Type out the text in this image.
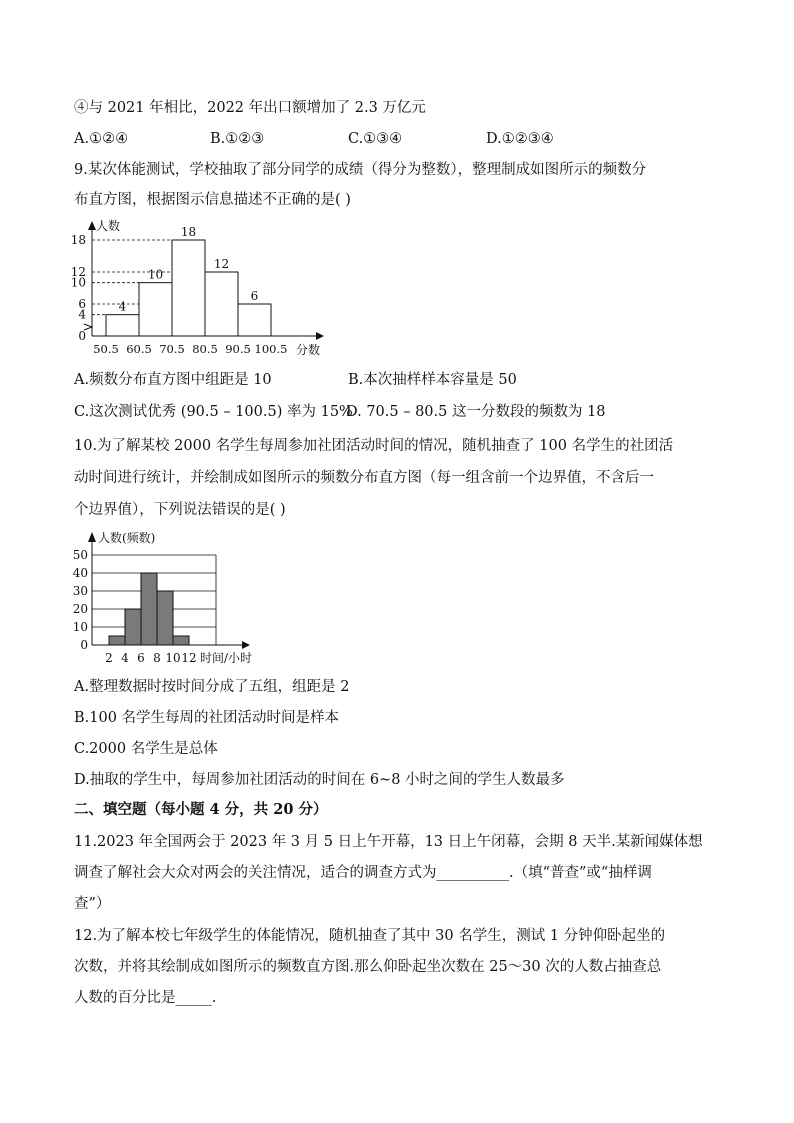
④与 2021 年相比，2022 年出口额增加了 2.3 万亿元
A.①②④	B.①②③	C.①③④	D.①②③④
9.某次体能测试，学校抽取了部分同学的成绩（得分为整数），整理制成如图所示的频数分
布直方图，根据图示信息描述不正确的是( )
人数
分数
0
4
6
10
12
18
50.5 60.5 70.5 80.5 90.5 100.5
4
10
18
12
6
A.频数分布直方图中组距是 10	B.本次抽样样本容量是 50
C.这次测试优秀 (90.5 – 100.5) 率为 15%
D. 70.5 – 80.5 这一分数段的频数为 18
10.为了解某校 2000 名学生每周参加社团活动时间的情况，随机抽查了 100 名学生的社团活
动时间进行统计，并绘制成如图所示的频数分布直方图（每一组含前一个边界值，不含后一
个边界值），下列说法错误的是( )
人数(频数)
时间/小时
0
10
20
30
40
50
2 4 6 8 10 12
A.整理数据时按时间分成了五组，组距是 2
B.100 名学生每周的社团活动时间是样本
C.2000 名学生是总体
D.抽取的学生中，每周参加社团活动的时间在 6~8 小时之间的学生人数最多
二、填空题（每小题 4 分，共 20 分）
11.2023 年全国两会于 2023 年 3 月 5 日上午开幕，13 日上午闭幕，会期 8 天半.某新闻媒体想
调查了解社会大众对两会的关注情况，适合的调查方式为__________.（填“普查”或“抽样调
查”）
12.为了解本校七年级学生的体能情况，随机抽查了其中 30 名学生，测试 1 分钟仰卧起坐的
次数，并将其绘制成如图所示的频数直方图.那么仰卧起坐次数在 25～30 次的人数占抽查总
人数的百分比是_____.
